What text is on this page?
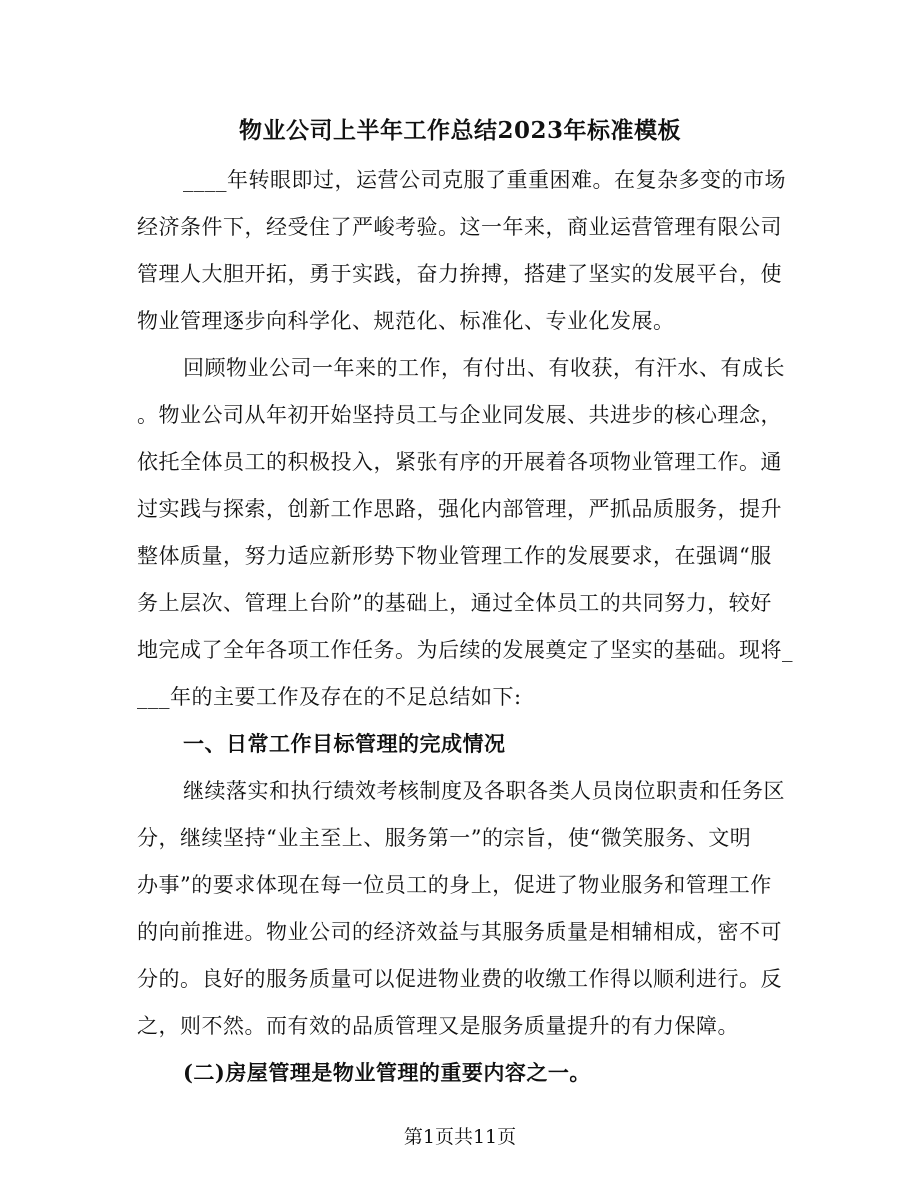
物业公司上半年工作总结2023年标准模板
____年转眼即过，运营公司克服了重重困难。在复杂多变的市场
经济条件下，经受住了严峻考验。这一年来，商业运营管理有限公司
管理人大胆开拓，勇于实践，奋力拚搏，搭建了坚实的发展平台，使
物业管理逐步向科学化、规范化、标准化、专业化发展。
回顾物业公司一年来的工作，有付出、有收获，有汗水、有成长
。物业公司从年初开始坚持员工与企业同发展、共进步的核心理念，
依托全体员工的积极投入，紧张有序的开展着各项物业管理工作。通
过实践与探索，创新工作思路，强化内部管理，严抓品质服务，提升
整体质量，努力适应新形势下物业管理工作的发展要求，在强调“服
务上层次、管理上台阶”的基础上，通过全体员工的共同努力，较好
地完成了全年各项工作任务。为后续的发展奠定了坚实的基础。现将_
___年的主要工作及存在的不足总结如下:
一、日常工作目标管理的完成情况
继续落实和执行绩效考核制度及各职各类人员岗位职责和任务区
分，继续坚持“业主至上、服务第一”的宗旨，使“微笑服务、文明
办事”的要求体现在每一位员工的身上，促进了物业服务和管理工作
的向前推进。物业公司的经济效益与其服务质量是相辅相成，密不可
分的。良好的服务质量可以促进物业费的收缴工作得以顺利进行。反
之，则不然。而有效的品质管理又是服务质量提升的有力保障。
(二)房屋管理是物业管理的重要内容之一。
第1页共11页
